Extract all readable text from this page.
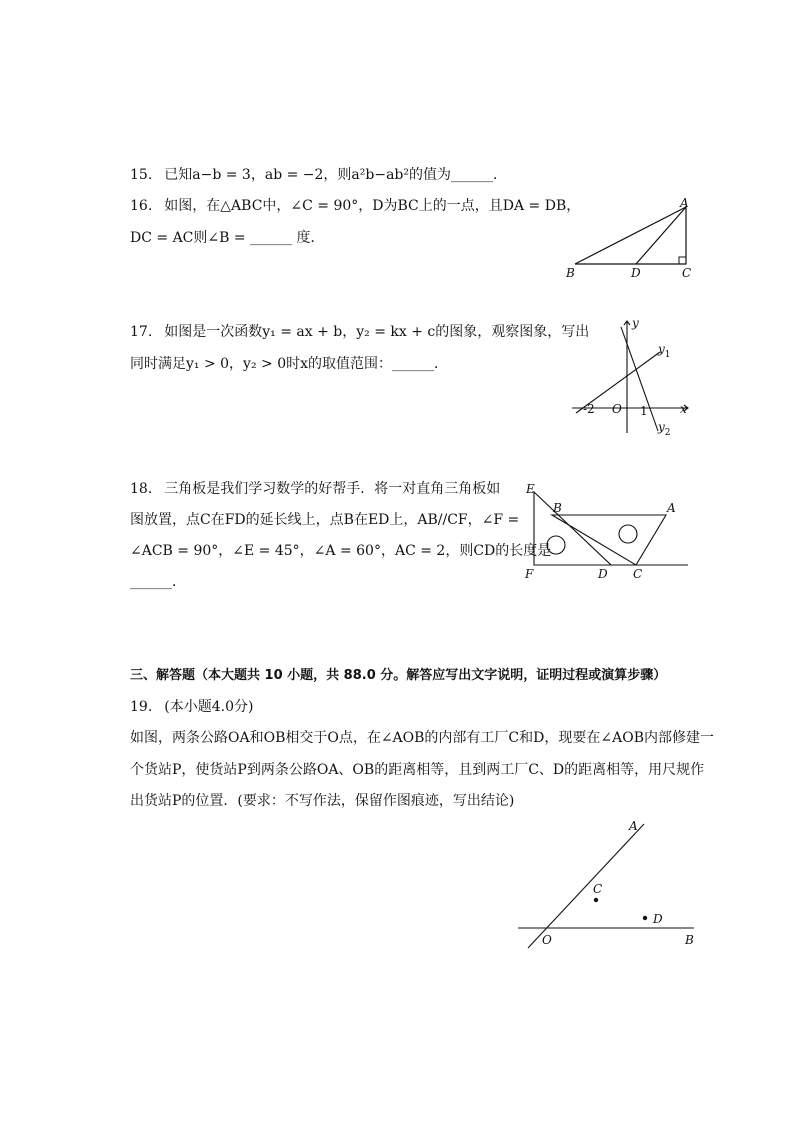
15. 已知a−b = 3，ab = −2，则a²b−ab²的值为______．
16. 如图，在△ABC中，∠C = 90°，D为BC上的一点，且DA = DB，
DC = AC则∠B = ______ 度．
A
B	D	C
17. 如图是一次函数y₁ = ax + b，y₂ = kx + c的图象，观察图象，写出
同时满足y₁ > 0，y₂ > 0时x的取值范围：______．
y
x
$y_1$
$y_2$
-2 O 1
18. 三角板是我们学习数学的好帮手．将一对直角三角板如
图放置，点C在FD的延长线上，点B在ED上，AB//CF，∠F =
∠ACB = 90°，∠E = 45°，∠A = 60°，AC = 2，则CD的长度是
______．
E
B	A
F	D C
三、解答题（本大题共 10 小题，共 88.0 分。解答应写出文字说明，证明过程或演算步骤）
19. (本小题4.0分)
如图，两条公路OA和OB相交于O点，在∠AOB的内部有工厂C和D，现要在∠AOB内部修建一
个货站P，使货站P到两条公路OA、OB的距离相等，且到两工厂C、D的距离相等，用尺规作
出货站P的位置．(要求：不写作法，保留作图痕迹，写出结论)
A
C
D
O	B
